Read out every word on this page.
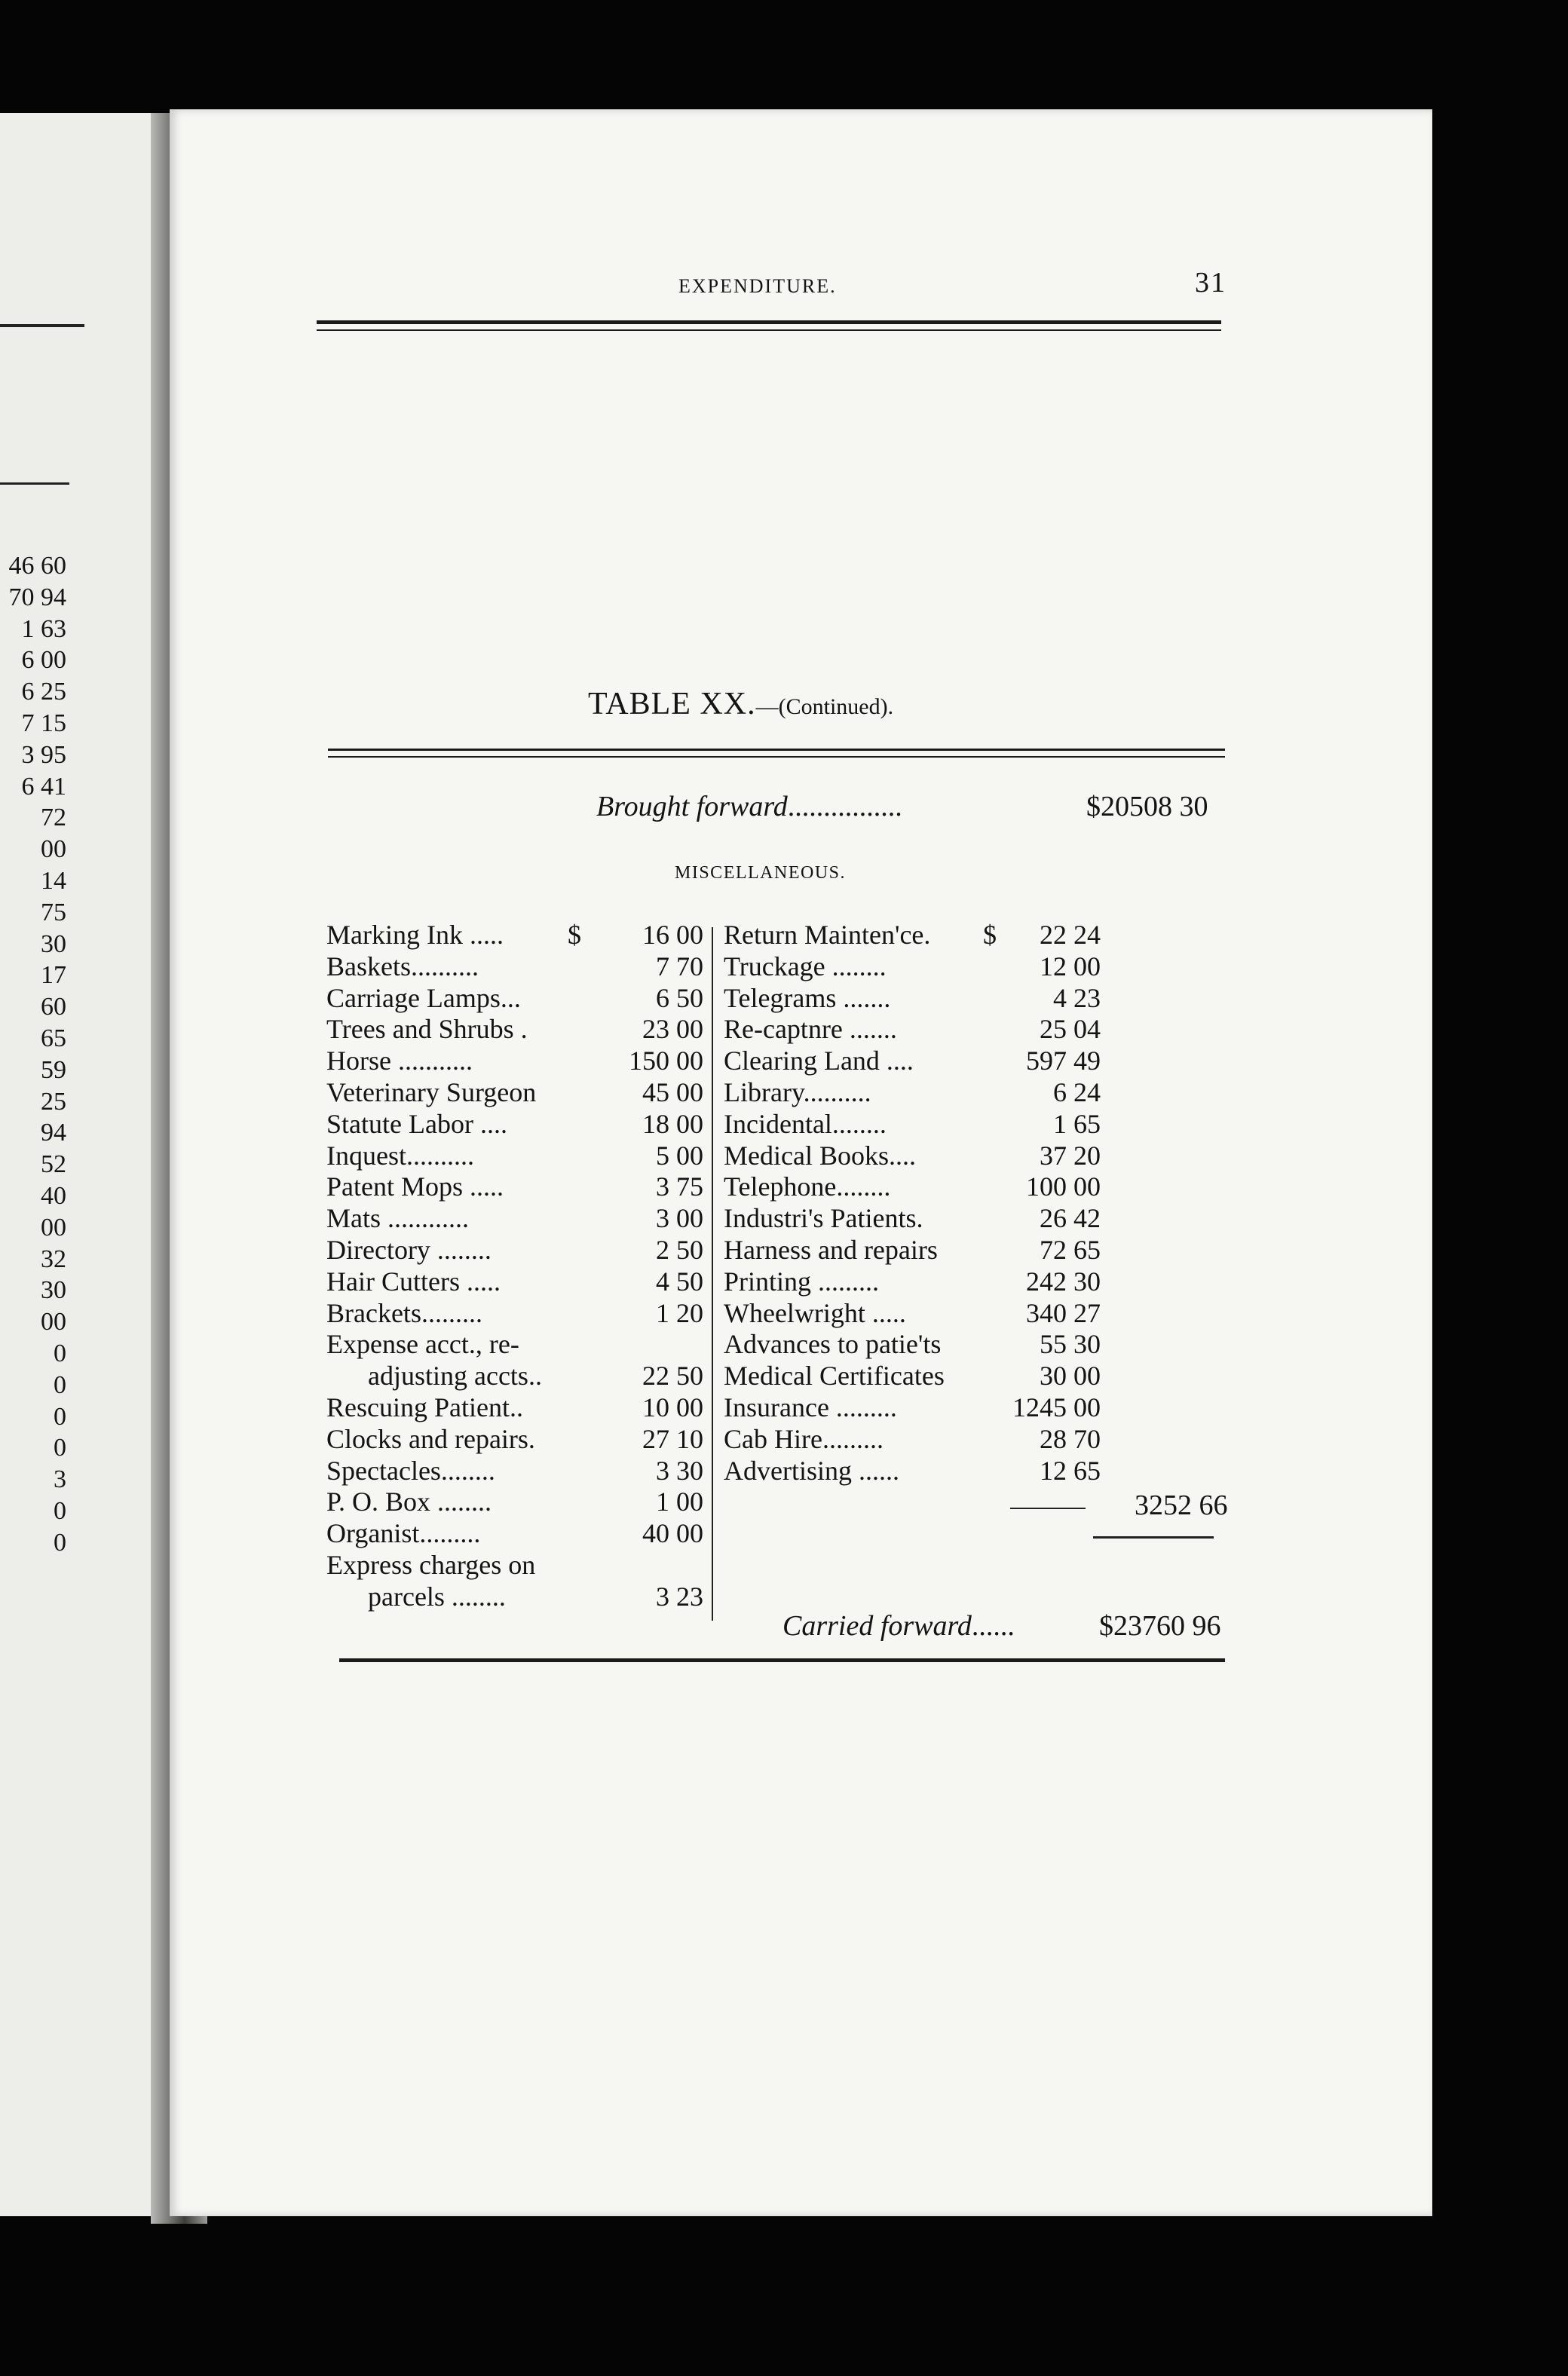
46 60
70 94
1 63
6 00
6 25
7 15
3 95
6 41
72
00
14
75
30
17
60
65
59
25
94
52
40
00
32
30
00
0
0
0
0
3
0
0
EXPENDITURE.	31
TABLE XX.—(Continued).
Brought forward................	$20508 30
MISCELLANEOUS.
Marking Ink ..... $ 16 00
Baskets..........	7 70
Carriage Lamps...	6 50
Trees and Shrubs .	23 00
Horse ...........	150 00
Veterinary Surgeon	45 00
Statute Labor ....	18 00
Inquest..........	5 00
Patent Mops .....	3 75
Mats ............	3 00
Directory ........	2 50
Hair Cutters .....	4 50
Brackets.........	1 20
Expense acct., re-
adjusting accts..	22 50
Rescuing Patient..	10 00
Clocks and repairs.	27 10
Spectacles........	3 30
P. O. Box ........	1 00
Organist.........	40 00
Express charges on
parcels ........	3 23
Return Mainten'ce. $ 22 24
Truckage ........	12 00
Telegrams .......	4 23
Re-captnre .......	25 04
Clearing Land ....	597 49
Library..........	6 24
Incidental........	1 65
Medical Books....	37 20
Telephone........	100 00
Industri's Patients.	26 42
Harness and repairs	72 65
Printing .........	242 30
Wheelwright .....	340 27
Advances to patie'ts	55 30
Medical Certificates	30 00
Insurance .........	1245 00
Cab Hire.........	28 70
Advertising ......	12 65
3252 66
Carried forward......	$23760 96
